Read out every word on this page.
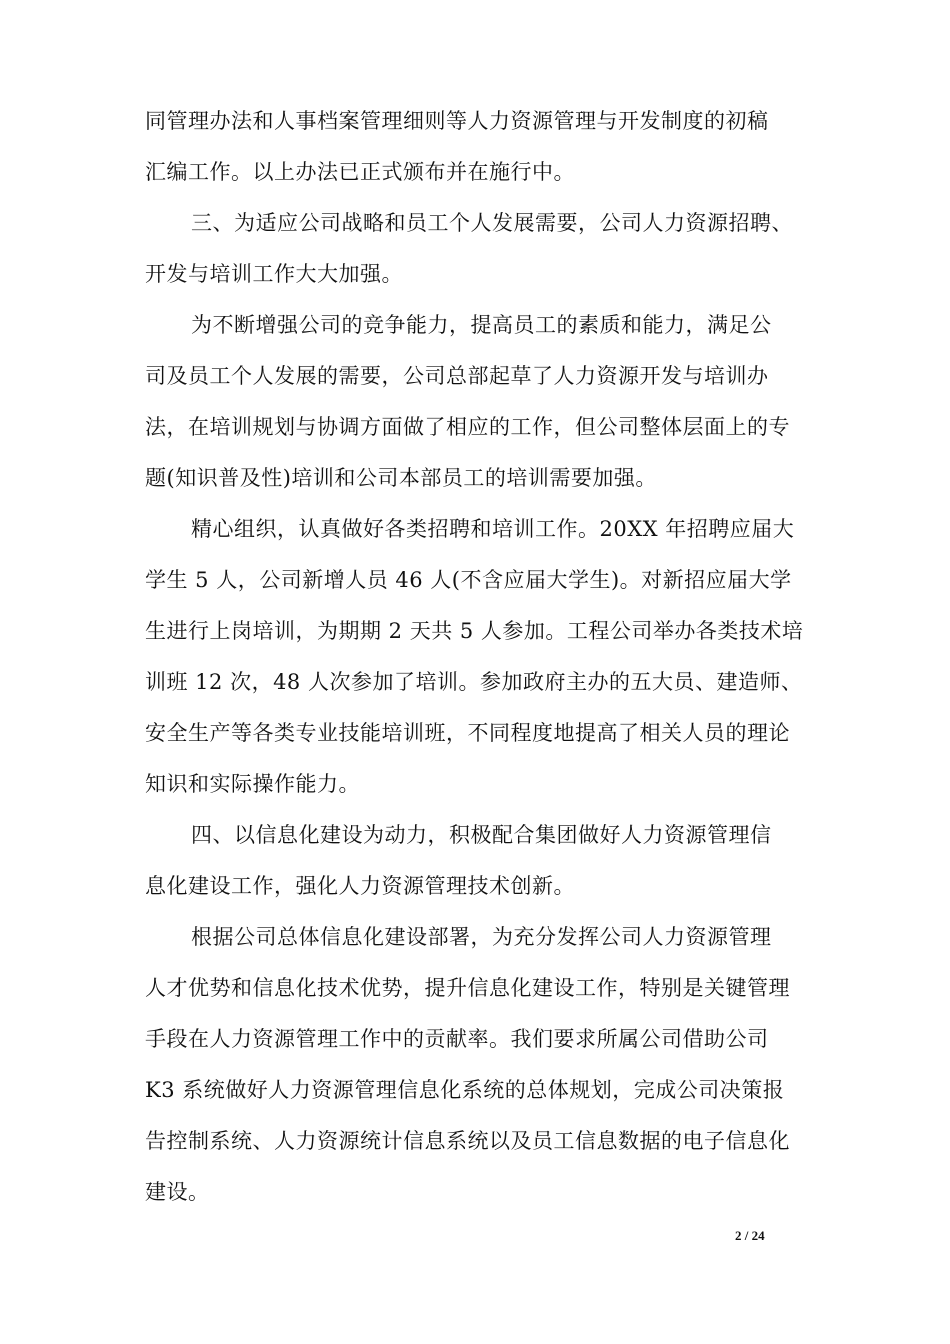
同管理办法和人事档案管理细则等人力资源管理与开发制度的初稿
汇编工作。以上办法已正式颁布并在施行中。
三、为适应公司战略和员工个人发展需要，公司人力资源招聘、
开发与培训工作大大加强。
为不断增强公司的竞争能力，提高员工的素质和能力，满足公
司及员工个人发展的需要，公司总部起草了人力资源开发与培训办
法，在培训规划与协调方面做了相应的工作，但公司整体层面上的专
题(知识普及性)培训和公司本部员工的培训需要加强。
精心组织，认真做好各类招聘和培训工作。20XX 年招聘应届大
学生 5 人，公司新增人员 46 人(不含应届大学生)。对新招应届大学
生进行上岗培训，为期期 2 天共 5 人参加。工程公司举办各类技术培
训班 12 次，48 人次参加了培训。参加政府主办的五大员、建造师、
安全生产等各类专业技能培训班，不同程度地提高了相关人员的理论
知识和实际操作能力。
四、以信息化建设为动力，积极配合集团做好人力资源管理信
息化建设工作，强化人力资源管理技术创新。
根据公司总体信息化建设部署，为充分发挥公司人力资源管理
人才优势和信息化技术优势，提升信息化建设工作，特别是关键管理
手段在人力资源管理工作中的贡献率。我们要求所属公司借助公司
K3 系统做好人力资源管理信息化系统的总体规划，完成公司决策报
告控制系统、人力资源统计信息系统以及员工信息数据的电子信息化
建设。
2 / 24
